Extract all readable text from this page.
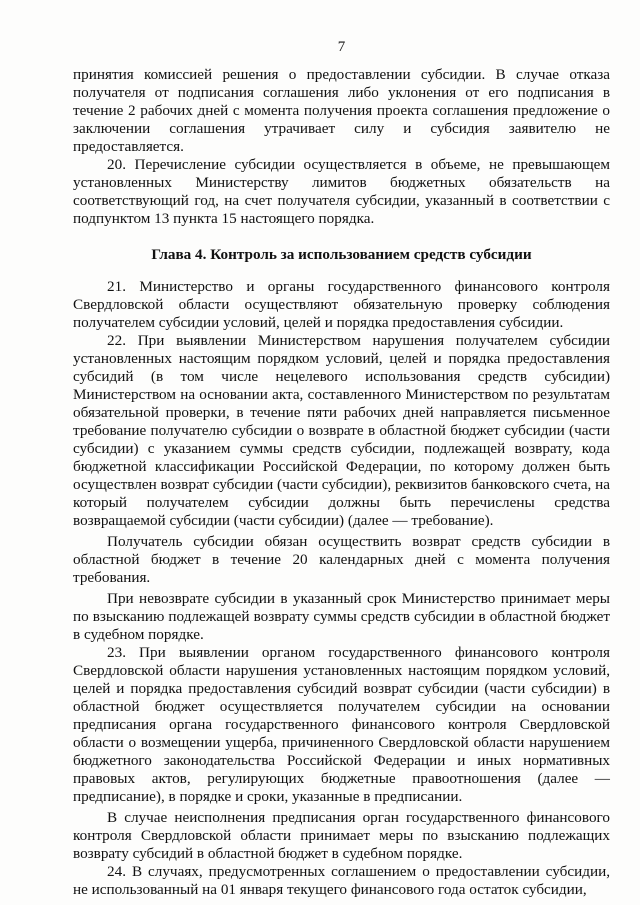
7

принятия комиссией решения о предоставлении субсидии. В случае отказа получателя от подписания соглашения либо уклонения от его подписания в течение 2 рабочих дней с момента получения проекта соглашения предложение о заключении соглашения утрачивает силу и субсидия заявителю не предоставляется.

20. Перечисление субсидии осуществляется в объеме, не превышающем установленных Министерству лимитов бюджетных обязательств на соответствующий год, на счет получателя субсидии, указанный в соответствии с подпунктом 13 пункта 15 настоящего порядка.

Глава 4. Контроль за использованием средств субсидии

21. Министерство и органы государственного финансового контроля Свердловской области осуществляют обязательную проверку соблюдения получателем субсидии условий, целей и порядка предоставления субсидии.

22. При выявлении Министерством нарушения получателем субсидии установленных настоящим порядком условий, целей и порядка предоставления субсидий (в том числе нецелевого использования средств субсидии) Министерством на основании акта, составленного Министерством по результатам обязательной проверки, в течение пяти рабочих дней направляется письменное требование получателю субсидии о возврате в областной бюджет субсидии (части субсидии) с указанием суммы средств субсидии, подлежащей возврату, кода бюджетной классификации Российской Федерации, по которому должен быть осуществлен возврат субсидии (части субсидии), реквизитов банковского счета, на который получателем субсидии должны быть перечислены средства возвращаемой субсидии (части субсидии) (далее — требование).

Получатель субсидии обязан осуществить возврат средств субсидии в областной бюджет в течение 20 календарных дней с момента получения требования.

При невозврате субсидии в указанный срок Министерство принимает меры по взысканию подлежащей возврату суммы средств субсидии в областной бюджет в судебном порядке.

23. При выявлении органом государственного финансового контроля Свердловской области нарушения установленных настоящим порядком условий, целей и порядка предоставления субсидий возврат субсидии (части субсидии) в областной бюджет осуществляется получателем субсидии на основании предписания органа государственного финансового контроля Свердловской области о возмещении ущерба, причиненного Свердловской области нарушением бюджетного законодательства Российской Федерации и иных нормативных правовых актов, регулирующих бюджетные правоотношения (далее — предписание), в порядке и сроки, указанные в предписании.

В случае неисполнения предписания орган государственного финансового контроля Свердловской области принимает меры по взысканию подлежащих возврату субсидий в областной бюджет в судебном порядке.

24. В случаях, предусмотренных соглашением о предоставлении субсидии, не использованный на 01 января текущего финансового года остаток субсидии,
